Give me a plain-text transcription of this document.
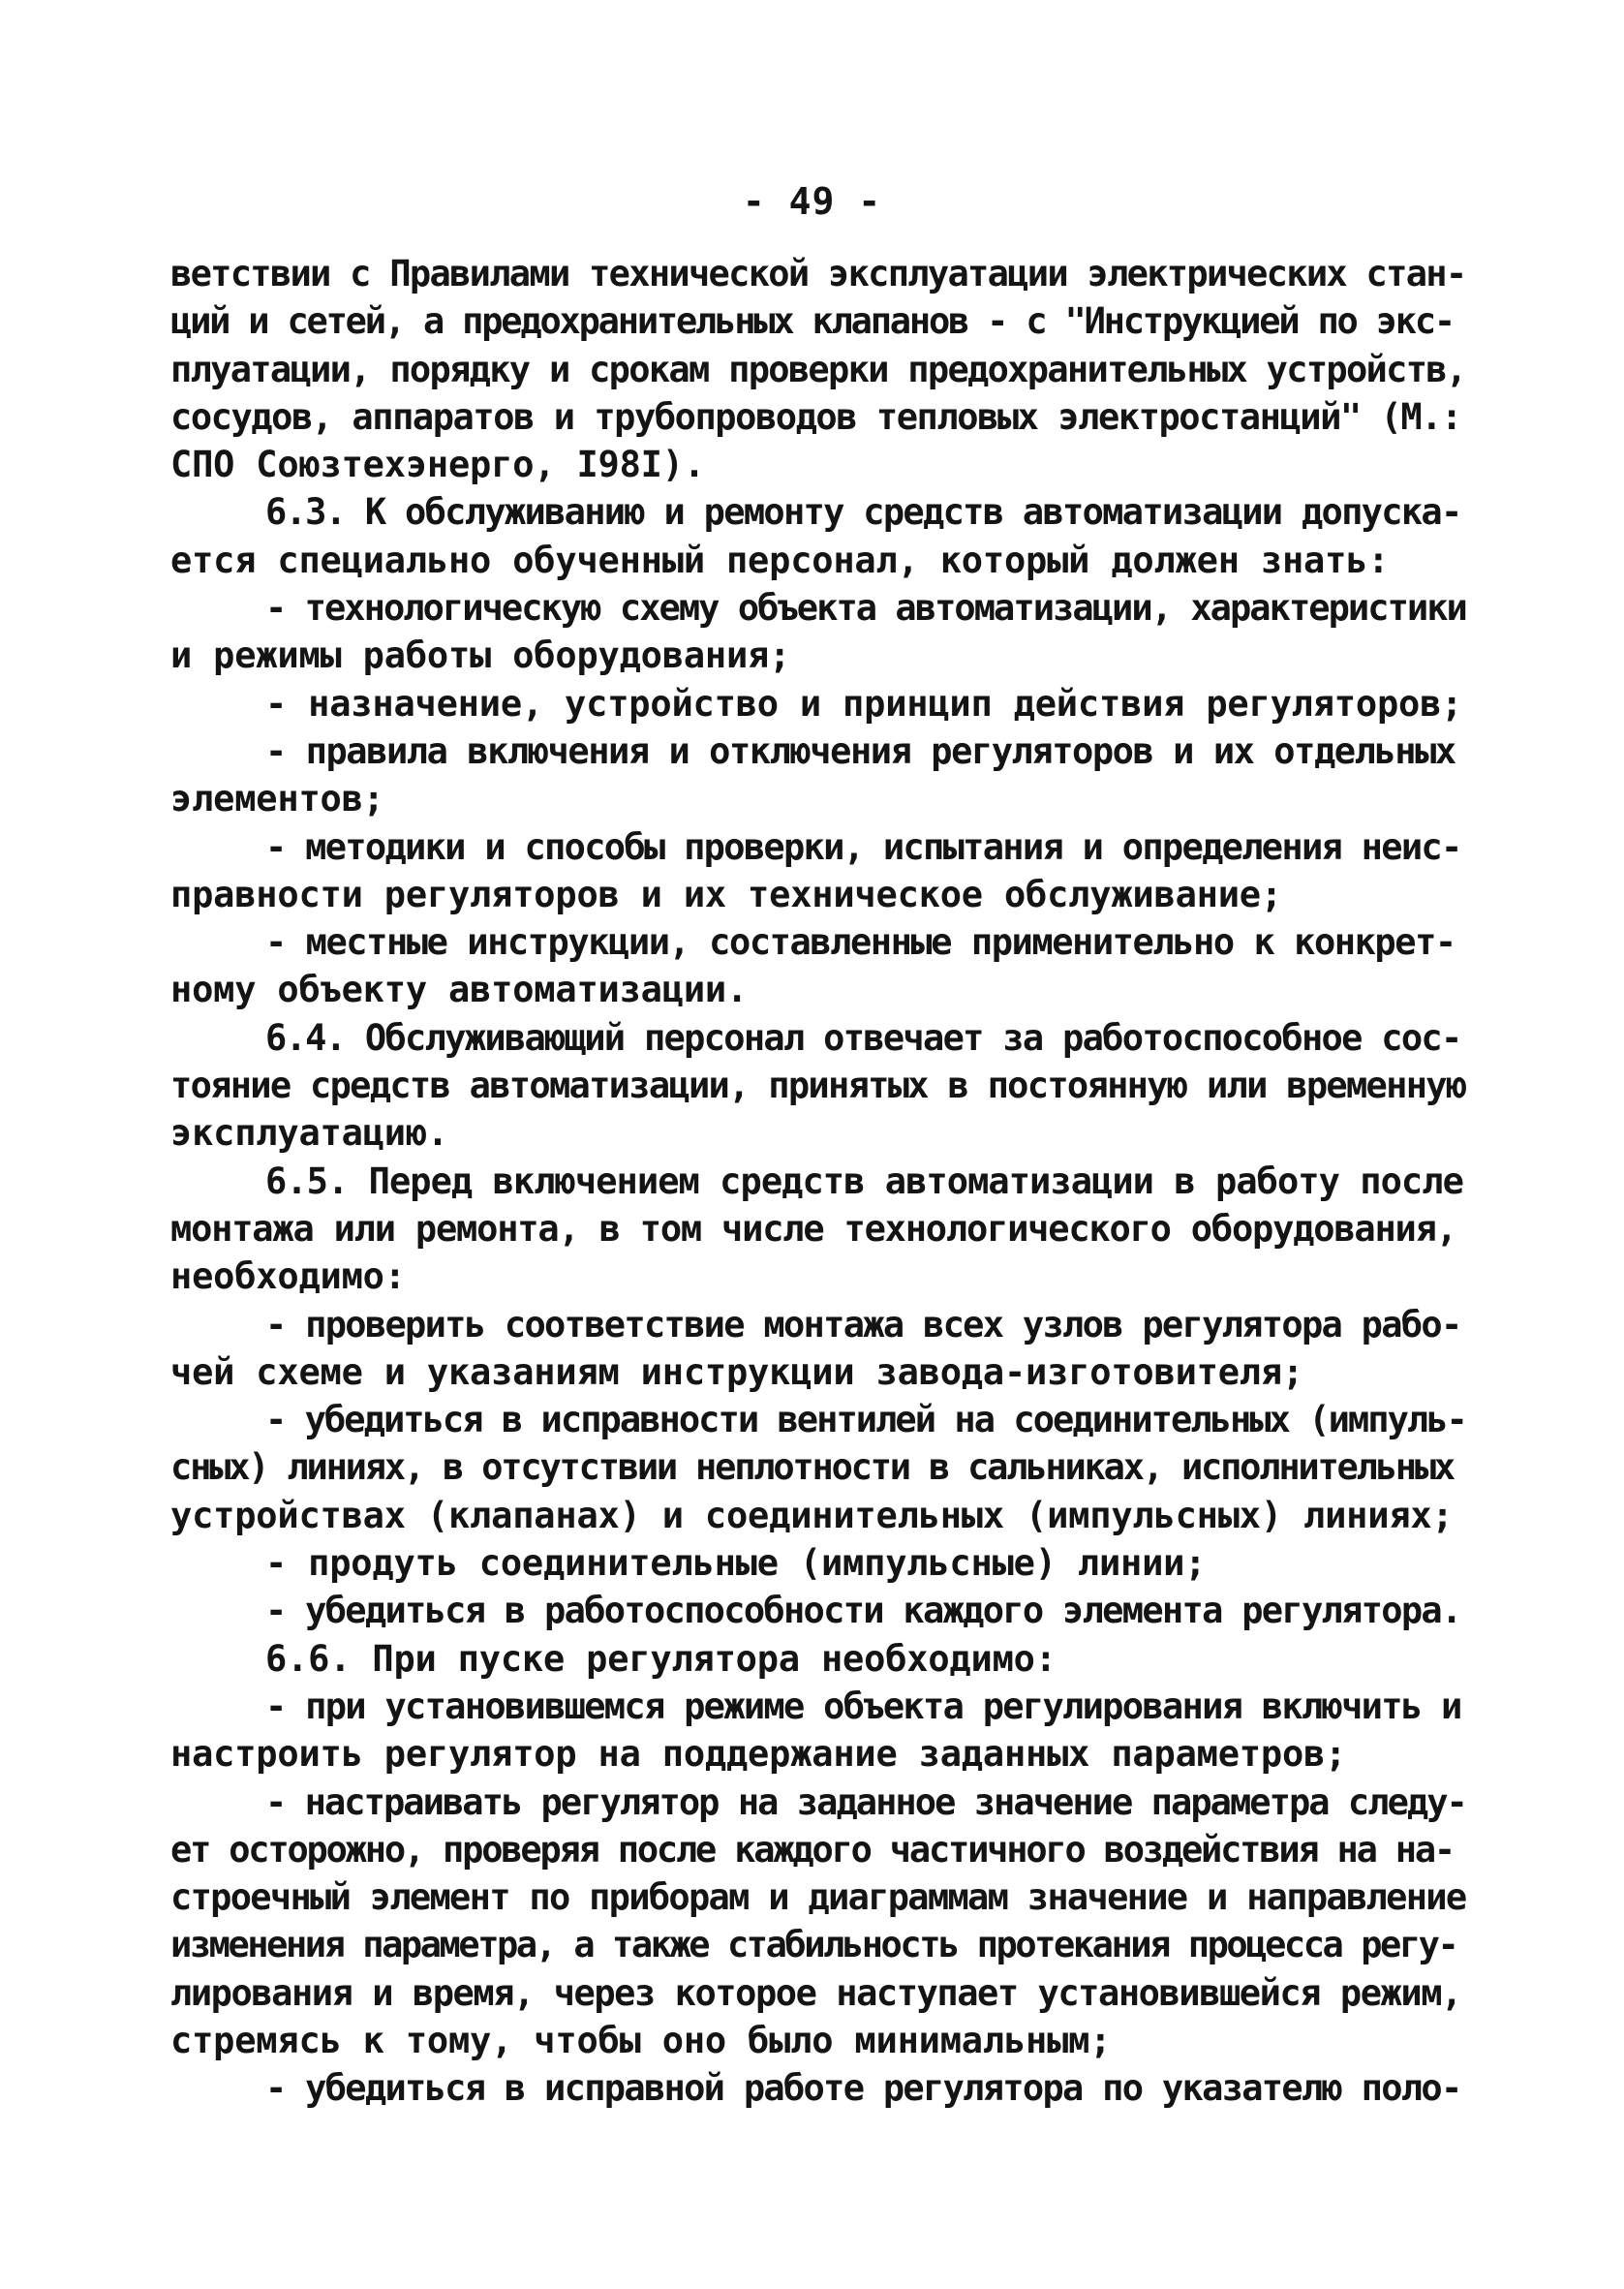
- 49 -
ветствии с Правилами технической эксплуатации электрических стан-
ций и сетей, а предохранительных клапанов - с "Инструкцией по экс-
плуатации, порядку и срокам проверки предохранительных устройств,
сосудов, аппаратов и трубопроводов тепловых электростанций" (М.:
СПО Союзтехэнерго, I98I).
6.3. К обслуживанию и ремонту средств автоматизации допуска-
ется специально обученный персонал, который должен знать:
- технологическую схему объекта автоматизации, характеристики
и режимы работы оборудования;
- назначение, устройство и принцип действия регуляторов;
- правила включения и отключения регуляторов и их отдельных
элементов;
- методики и способы проверки, испытания и определения неис-
правности регуляторов и их техническое обслуживание;
- местные инструкции, составленные применительно к конкрет-
ному объекту автоматизации.
6.4. Обслуживающий персонал отвечает за работоспособное сос-
тояние средств автоматизации, принятых в постоянную или временную
эксплуатацию.
6.5. Перед включением средств автоматизации в работу после
монтажа или ремонта, в том числе технологического оборудования,
необходимо:
- проверить соответствие монтажа всех узлов регулятора рабо-
чей схеме и указаниям инструкции завода-изготовителя;
- убедиться в исправности вентилей на соединительных (импуль-
сных) линиях, в отсутствии неплотности в сальниках, исполнительных
устройствах (клапанах) и соединительных (импульсных) линиях;
- продуть соединительные (импульсные) линии;
- убедиться в работоспособности каждого элемента регулятора.
6.6. При пуске регулятора необходимо:
- при установившемся режиме объекта регулирования включить и
настроить регулятор на поддержание заданных параметров;
- настраивать регулятор на заданное значение параметра следу-
ет осторожно, проверяя после каждого частичного воздействия на на-
строечный элемент по приборам и диаграммам значение и направление
изменения параметра, а также стабильность протекания процесса регу-
лирования и время, через которое наступает установившейся режим,
стремясь к тому, чтобы оно было минимальным;
- убедиться в исправной работе регулятора по указателю поло-
